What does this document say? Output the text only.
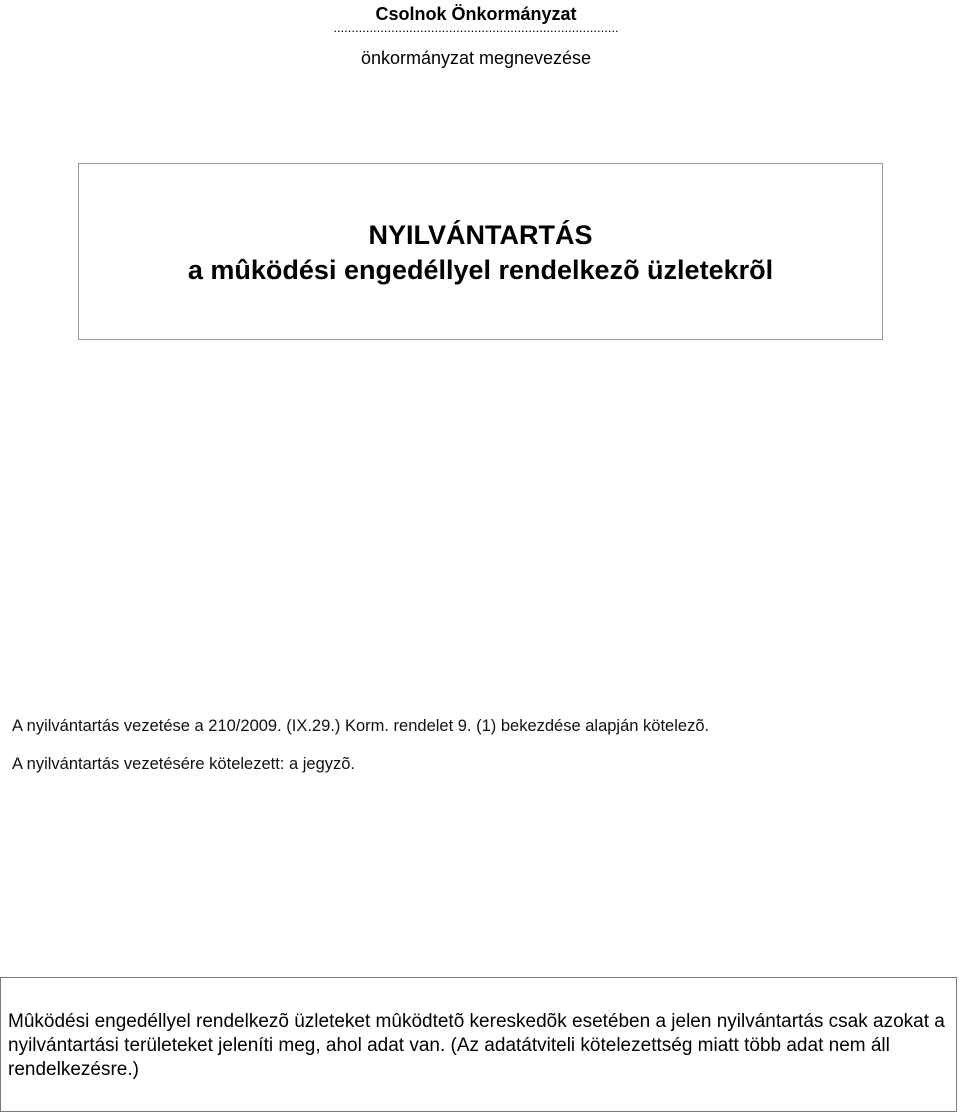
Csolnok Önkormányzat
...............................................................................
önkormányzat megnevezése
NYILVÁNTARTÁS
a mûködési engedéllyel rendelkezõ üzletekrõl
A nyilvántartás vezetése a 210/2009. (IX.29.) Korm. rendelet 9. (1) bekezdése alapján kötelezõ.
A nyilvántartás vezetésére kötelezett: a jegyzõ.
Mûködési engedéllyel rendelkezõ üzleteket mûködtetõ kereskedõk esetében a jelen nyilvántartás csak azokat a nyilvántartási területeket jeleníti meg, ahol adat van. (Az adatátviteli kötelezettség miatt több adat nem áll rendelkezésre.)
